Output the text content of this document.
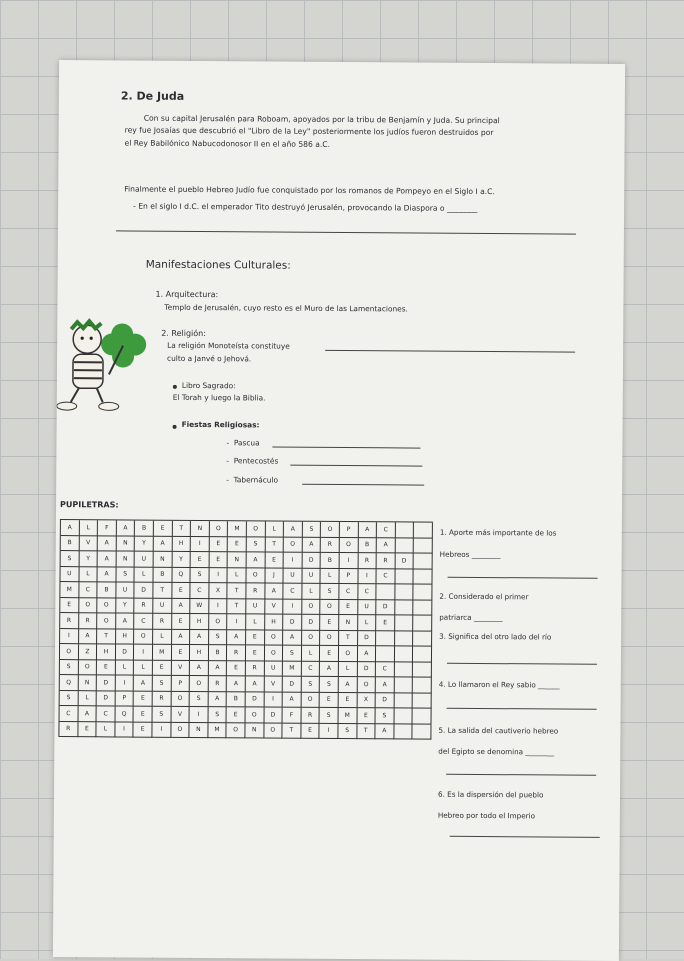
2. De Juda
Con su capital Jerusalén para Roboam, apoyados por la tribu de Benjamín y Juda. Su principal
rey fue Josaías que descubrió el "Libro de la Ley" posteriormente los judíos fueron destruidos por
el Rey Babilónico Nabucodonosor II en el año 586 a.C.
Finalmente el pueblo Hebreo Judío fue conquistado por los romanos de Pompeyo en el Siglo I a.C.
- En el siglo I d.C. el emperador Tito destruyó Jerusalén, provocando la Diaspora o ________
Manifestaciones Culturales:
1. Arquitectura:
Templo de Jerusalén, cuyo resto es el Muro de las Lamentaciones.
2. Religión:
La religión Monoteísta constituye
culto a Janvé o Jehová.
Libro Sagrado:
El Torah y luego la Biblia.
Fiestas Religiosas:
-  Pascua
-  Pentecostés
-  Tabernáculo
PUPILETRAS:
A	L	F	A	B	E	T	N	O	M	O	L	A	S	O	P	A	C
B	V	A	N	Y	A	H	I	E	E	S	T	O	A	R	O	B	A
S	Y	A	N	U	N	Y	E	E	N	A	E	I	D	B	I	R	R	D
U	L	A	S	L	B	Q	S	I	L	O	J	U	U	L	P	I	C
M	C	B	U	D	T	E	C	X	T	R	A	C	L	S	C	C
E	O	O	Y	R	U	A	W	I	T	U	V	I	O	O	E	U	D
R	R	O	A	C	R	E	H	O	I	L	H	D	D	E	N	L	E
I	A	T	H	O	L	A	A	S	A	E	O	A	O	O	T	D
O	Z	H	D	I	M	E	H	B	R	E	O	S	L	E	O	A
S	O	E	L	L	E	V	A	A	E	R	U	M	C	A	L	D	C
Q	N	D	I	A	S	P	O	R	A	A	V	D	S	S	A	O	A
S	L	D	P	E	R	O	S	A	B	D	I	A	O	E	E	X	D
C	A	C	Q	E	S	V	I	S	E	O	D	F	R	S	M	E	S
R	E	L	I	E	I	O	N	M	O	N	O	T	E	I	S	T	A
1. Aporte más importante de los
Hebreos ________
2. Considerado el primer
patriarca ________
3. Significa del otro lado del río
4. Lo llamaron el Rey sabio ______
5. La salida del cautiverio hebreo
del Egipto se denomina ________
6. Es la dispersión del pueblo
Hebreo por todo el Imperio
